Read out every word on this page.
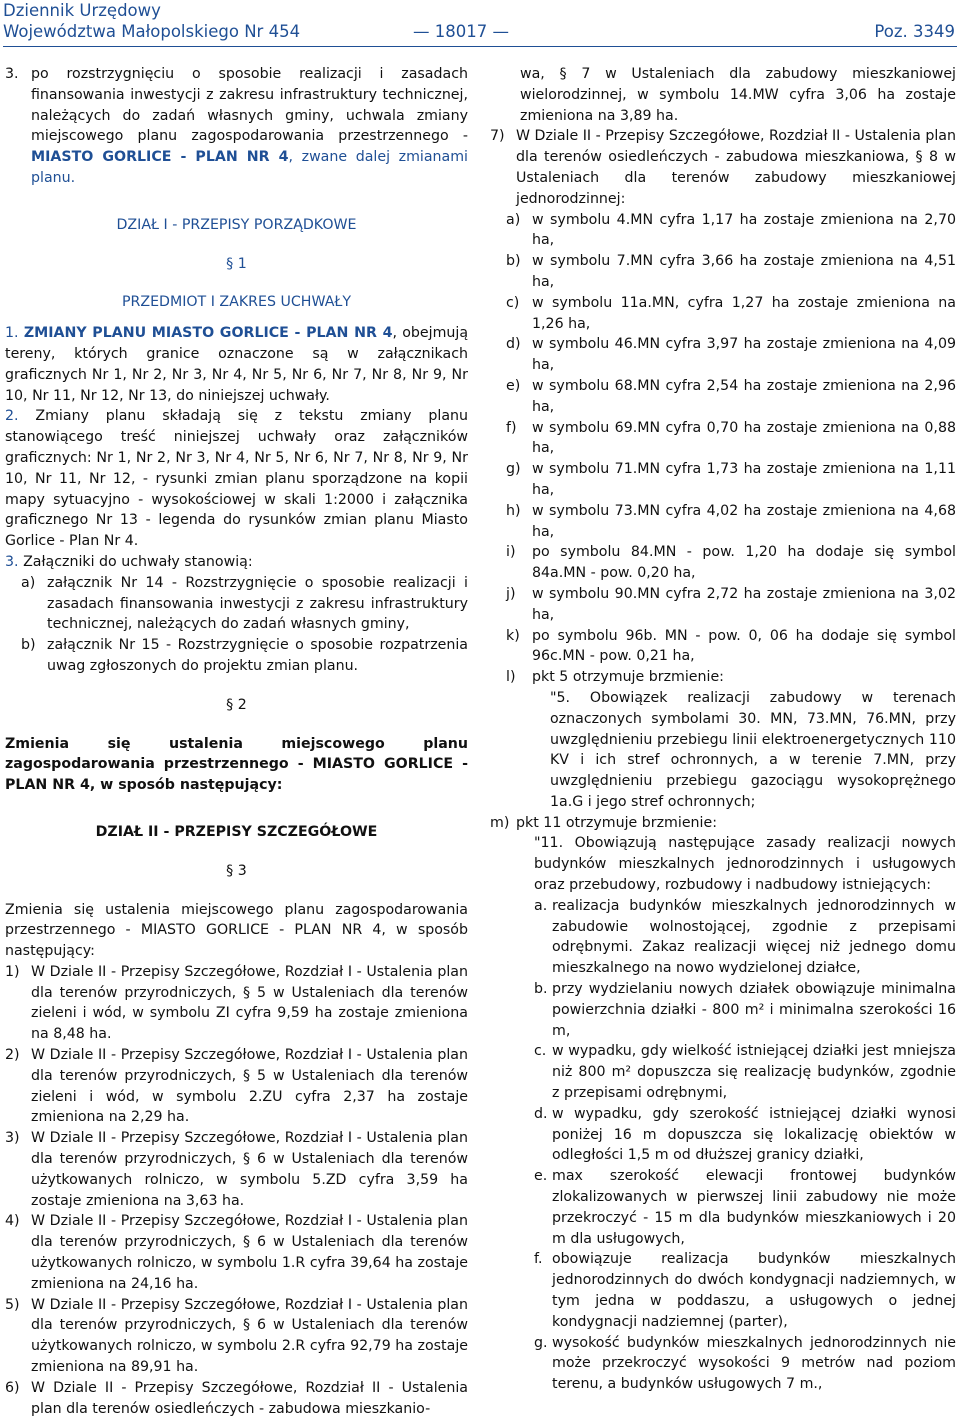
Dziennik Urzędowy
Województwa Małopolskiego Nr 454	— 18017 —	Poz. 3349
3. po rozstrzygnięciu o sposobie realizacji i zasadach finansowania inwestycji z zakresu infrastruktury technicznej, należących do zadań własnych gminy, uchwala zmiany miejscowego planu zagospodarowania przestrzennego - MIASTO GORLICE - PLAN NR 4, zwane dalej zmianami planu.

DZIAŁ I - PRZEPISY PORZĄDKOWE

§ 1

PRZEDMIOT I ZAKRES UCHWAŁY

1. ZMIANY PLANU MIASTO GORLICE - PLAN NR 4, obejmują tereny, których granice oznaczone są w załącznikach graficznych Nr 1, Nr 2, Nr 3, Nr 4, Nr 5, Nr 6, Nr 7, Nr 8, Nr 9, Nr 10, Nr 11, Nr 12, Nr 13, do niniejszej uchwały.

2. Zmiany planu składają się z tekstu zmiany planu stanowiącego treść niniejszej uchwały oraz załączników graficznych: Nr 1, Nr 2, Nr 3, Nr 4, Nr 5, Nr 6, Nr 7, Nr 8, Nr 9, Nr 10, Nr 11, Nr 12, - rysunki zmian planu sporządzone na kopii mapy sytuacyjno - wysokościowej w skali 1:2000 i załącznika graficznego Nr 13 - legenda do rysunków zmian planu Miasto Gorlice - Plan Nr 4.

3. Załączniki do uchwały stanowią:

a) załącznik Nr 14 - Rozstrzygnięcie o sposobie realizacji i zasadach finansowania inwestycji z zakresu infrastruktury technicznej, należących do zadań własnych gminy,

b) załącznik Nr 15 - Rozstrzygnięcie o sposobie rozpatrzenia uwag zgłoszonych do projektu zmian planu.

§ 2

Zmienia się ustalenia miejscowego planu zagospodarowania przestrzennego - MIASTO GORLICE - PLAN NR 4, w sposób następujący:

DZIAŁ II - PRZEPISY SZCZEGÓŁOWE

§ 3

Zmienia się ustalenia miejscowego planu zagospodarowania przestrzennego - MIASTO GORLICE - PLAN NR 4, w sposób następujący:

1) W Dziale II - Przepisy Szczegółowe, Rozdział I - Ustalenia plan dla terenów przyrodniczych, § 5 w Ustaleniach dla terenów zieleni i wód, w symbolu ZI cyfra 9,59 ha zostaje zmieniona na 8,48 ha.

2) W Dziale II - Przepisy Szczegółowe, Rozdział I - Ustalenia plan dla terenów przyrodniczych, § 5 w Ustaleniach dla terenów zieleni i wód, w symbolu 2.ZU cyfra 2,37 ha zostaje zmieniona na 2,29 ha.

3) W Dziale II - Przepisy Szczegółowe, Rozdział I - Ustalenia plan dla terenów przyrodniczych, § 6 w Ustaleniach dla terenów użytkowanych rolniczo, w symbolu 5.ZD cyfra 3,59 ha zostaje zmieniona na 3,63 ha.

4) W Dziale II - Przepisy Szczegółowe, Rozdział I - Ustalenia plan dla terenów przyrodniczych, § 6 w Ustaleniach dla terenów użytkowanych rolniczo, w symbolu 1.R cyfra 39,64 ha zostaje zmieniona na 24,16 ha.

5) W Dziale II - Przepisy Szczegółowe, Rozdział I - Ustalenia plan dla terenów przyrodniczych, § 6 w Ustaleniach dla terenów użytkowanych rolniczo, w symbolu 2.R cyfra 92,79 ha zostaje zmieniona na 89,91 ha.

6) W Dziale II - Przepisy Szczegółowe, Rozdział II - Ustalenia plan dla terenów osiedleńczych - zabudowa mieszkanio-

wa, § 7 w Ustaleniach dla zabudowy mieszkaniowej wielorodzinnej, w symbolu 14.MW cyfra 3,06 ha zostaje zmieniona na 3,89 ha.

7) W Dziale II - Przepisy Szczegółowe, Rozdział II - Ustalenia plan dla terenów osiedleńczych - zabudowa mieszkaniowa, § 8 w Ustaleniach dla terenów zabudowy mieszkaniowej jednorodzinnej:

a) w symbolu 4.MN cyfra 1,17 ha zostaje zmieniona na 2,70 ha,

b) w symbolu 7.MN cyfra 3,66 ha zostaje zmieniona na 4,51 ha,

c) w symbolu 11a.MN, cyfra 1,27 ha zostaje zmieniona na 1,26 ha,

d) w symbolu 46.MN cyfra 3,97 ha zostaje zmieniona na 4,09 ha,

e) w symbolu 68.MN cyfra 2,54 ha zostaje zmieniona na 2,96 ha,

f)	w symbolu 69.MN cyfra 0,70 ha zostaje zmieniona na 0,88 ha,

g) w symbolu 71.MN cyfra 1,73 ha zostaje zmieniona na 1,11 ha,

h) w symbolu 73.MN cyfra 4,02 ha zostaje zmieniona na 4,68 ha,

i)	po symbolu 84.MN - pow. 1,20 ha dodaje się symbol 84a.MN - pow. 0,20 ha,

j)	w symbolu 90.MN cyfra 2,72 ha zostaje zmieniona na 3,02 ha,

k) po symbolu 96b. MN - pow. 0, 06 ha dodaje się symbol 96c.MN - pow. 0,21 ha,

l)	pkt 5 otrzymuje brzmienie:

"5. Obowiązek realizacji zabudowy w terenach oznaczonych symbolami 30. MN, 73.MN, 76.MN, przy uwzględnieniu przebiegu linii elektroenergetycznych 110 KV i ich stref ochronnych, a w terenie 7.MN, przy uwzględnieniu przebiegu gazociągu wysokoprężnego 1a.G i jego stref ochronnych;

m) pkt 11 otrzymuje brzmienie:

"11. Obowiązują następujące zasady realizacji nowych budynków mieszkalnych jednorodzinnych i usługowych oraz przebudowy, rozbudowy i nadbudowy istniejących:

a. realizacja budynków mieszkalnych jednorodzinnych w zabudowie wolnostojącej, zgodnie z przepisami odrębnymi. Zakaz realizacji więcej niż jednego domu mieszkalnego na nowo wydzielonej działce,

b. przy wydzielaniu nowych działek obowiązuje minimalna powierzchnia działki - 800 m² i minimalna szerokości 16 m,

c. w wypadku, gdy wielkość istniejącej działki jest mniejsza niż 800 m² dopuszcza się realizację budynków, zgodnie z przepisami odrębnymi,

d. w wypadku, gdy szerokość istniejącej działki wynosi poniżej 16 m dopuszcza się lokalizację obiektów w odległości 1,5 m od dłuższej granicy działki,

e. max szerokość elewacji frontowej budynków zlokalizowanych w pierwszej linii zabudowy nie może przekroczyć - 15 m dla budynków mieszkaniowych i 20 m dla usługowych,

f. obowiązuje realizacja budynków mieszkalnych jednorodzinnych do dwóch kondygnacji nadziemnych, w tym jedna w poddaszu, a usługowych o jednej kondygnacji nadziemnej (parter),

g. wysokość budynków mieszkalnych jednorodzinnych nie może przekroczyć wysokości 9 metrów nad poziom terenu, a budynków usługowych 7 m.,
